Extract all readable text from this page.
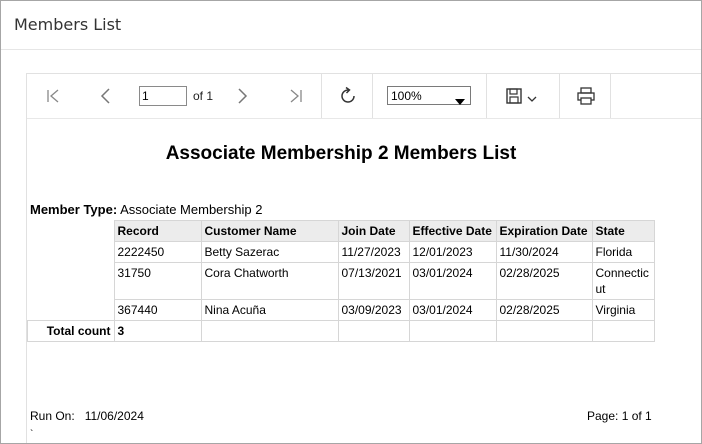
Members List
1	of 1	100%
Associate Membership 2 Members List
Member Type: Associate Membership 2
	Record	Customer Name	Join Date	Effective Date	Expiration Date	State
	2222450	Betty Sazerac	11/27/2023	12/01/2023	11/30/2024	Florida
	31750	Cora Chatworth	07/13/2021	03/01/2024	02/28/2025	Connectic
ut
	367440	Nina Acuña	03/09/2023	03/01/2024	02/28/2025	Virginia
Total count	3					
Run On: 11/06/2024	Page: 1 of 1
`
